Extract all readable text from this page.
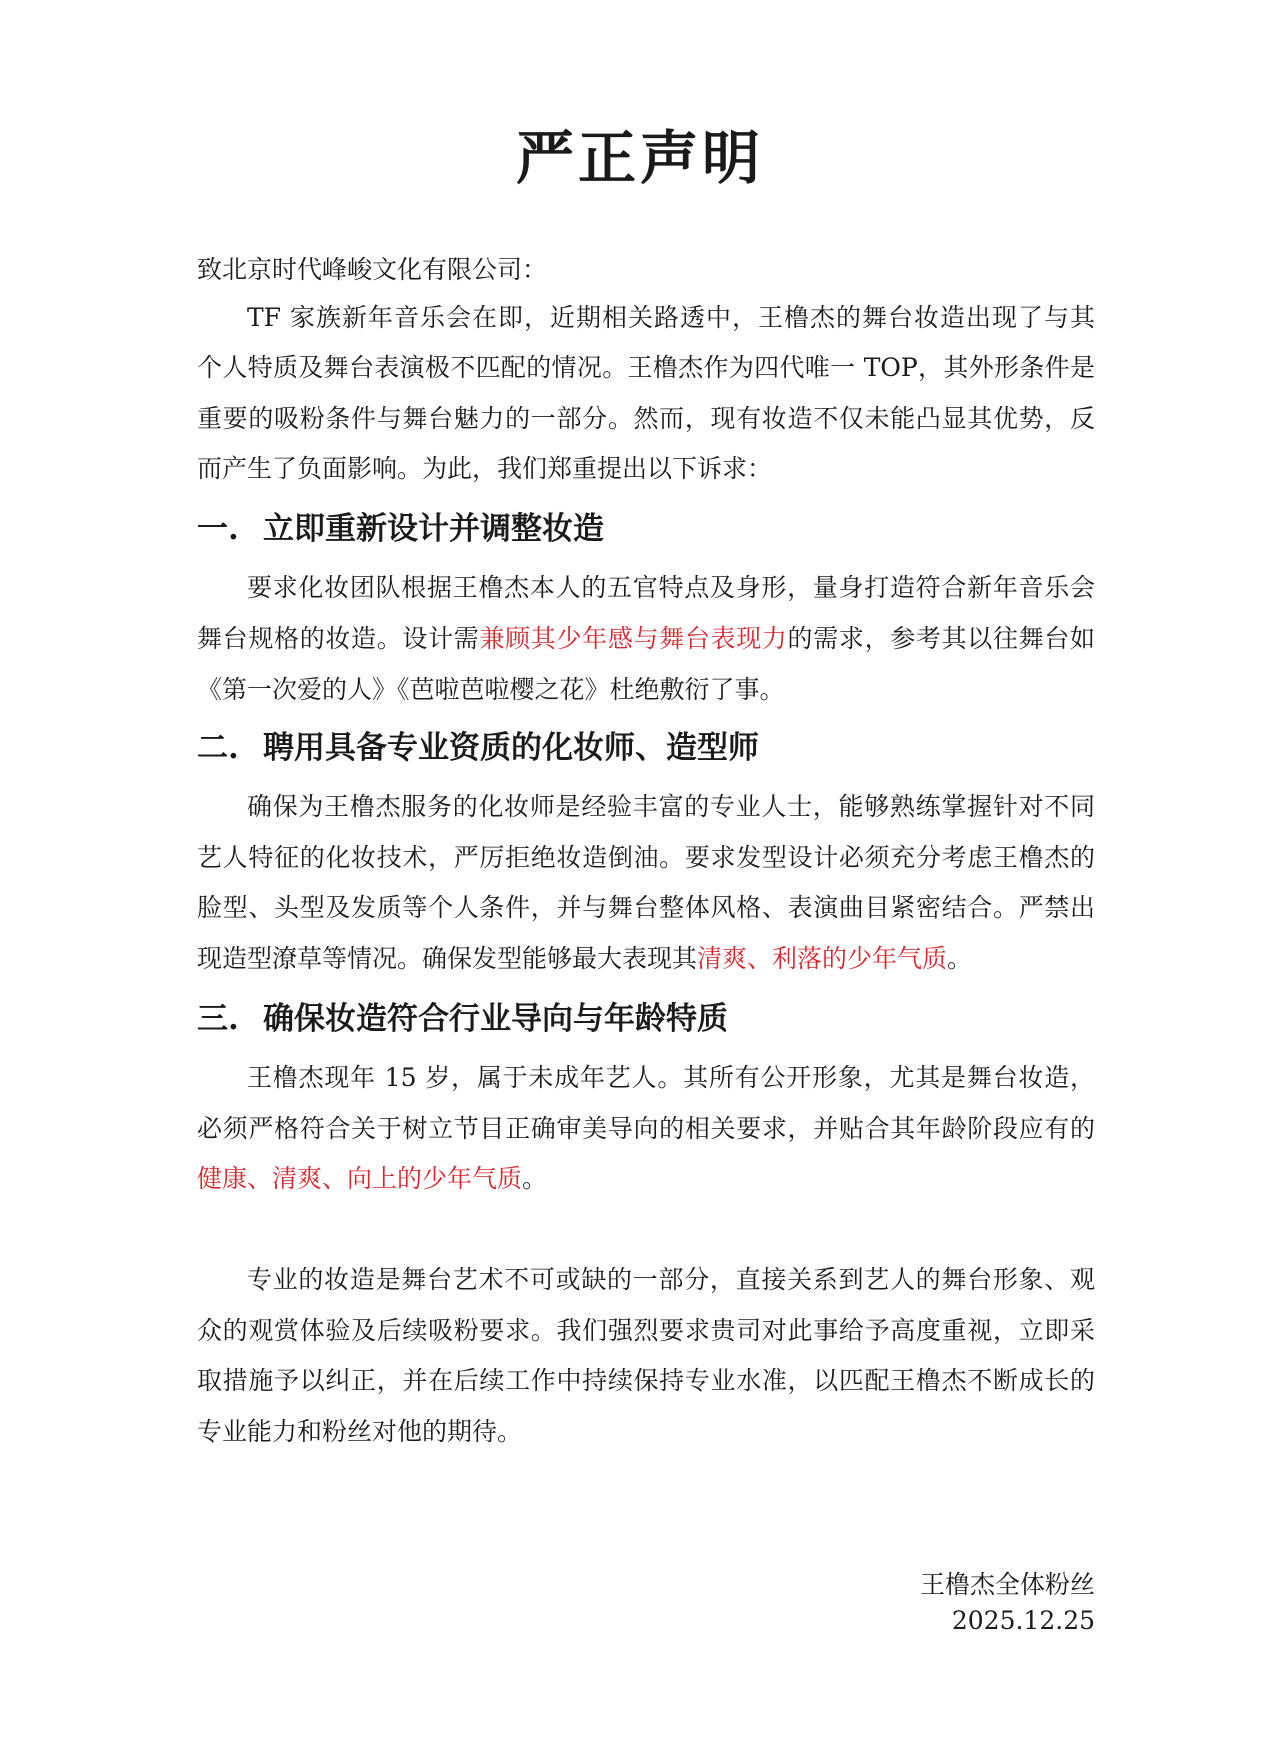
严正声明
致北京时代峰峻文化有限公司：
TF 家族新年音乐会在即，近期相关路透中，王橹杰的舞台妆造出现了与其
个人特质及舞台表演极不匹配的情况。王橹杰作为四代唯一 TOP，其外形条件是
重要的吸粉条件与舞台魅力的一部分。然而，现有妆造不仅未能凸显其优势，反
而产生了负面影响。为此，我们郑重提出以下诉求：
一. 立即重新设计并调整妆造
要求化妆团队根据王橹杰本人的五官特点及身形，量身打造符合新年音乐会
舞台规格的妆造。设计需兼顾其少年感与舞台表现力的需求，参考其以往舞台如
《第一次爱的人》《芭啦芭啦樱之花》杜绝敷衍了事。
二. 聘用具备专业资质的化妆师、造型师
确保为王橹杰服务的化妆师是经验丰富的专业人士，能够熟练掌握针对不同
艺人特征的化妆技术，严厉拒绝妆造倒油。要求发型设计必须充分考虑王橹杰的
脸型、头型及发质等个人条件，并与舞台整体风格、表演曲目紧密结合。严禁出
现造型潦草等情况。确保发型能够最大表现其清爽、利落的少年气质。
三. 确保妆造符合行业导向与年龄特质
王橹杰现年 15 岁，属于未成年艺人。其所有公开形象，尤其是舞台妆造，
必须严格符合关于树立节目正确审美导向的相关要求，并贴合其年龄阶段应有的
健康、清爽、向上的少年气质。
专业的妆造是舞台艺术不可或缺的一部分，直接关系到艺人的舞台形象、观
众的观赏体验及后续吸粉要求。我们强烈要求贵司对此事给予高度重视，立即采
取措施予以纠正，并在后续工作中持续保持专业水准，以匹配王橹杰不断成长的
专业能力和粉丝对他的期待。
王橹杰全体粉丝
2025.12.25
